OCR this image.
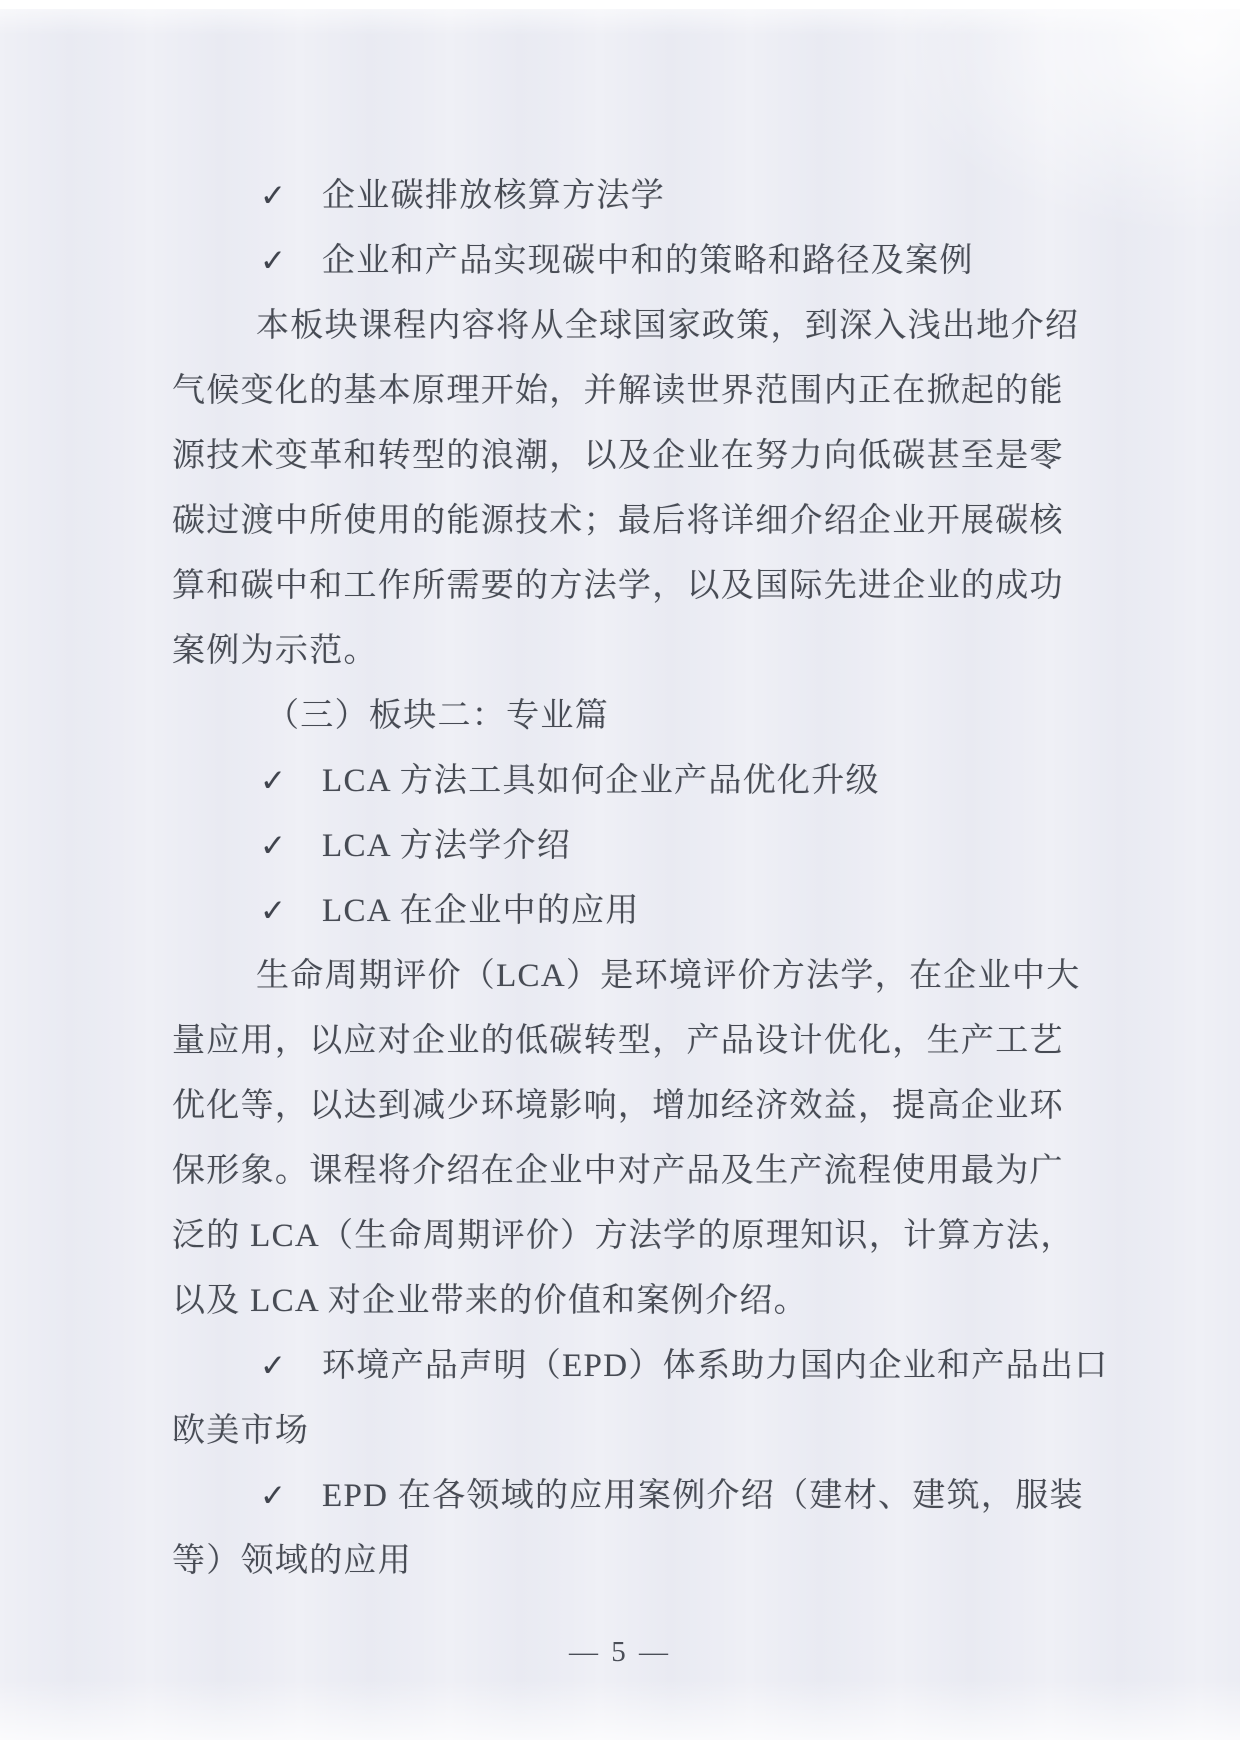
✓ 企业碳排放核算方法学
✓ 企业和产品实现碳中和的策略和路径及案例
本板块课程内容将从全球国家政策，到深入浅出地介绍
气候变化的基本原理开始，并解读世界范围内正在掀起的能
源技术变革和转型的浪潮，以及企业在努力向低碳甚至是零
碳过渡中所使用的能源技术；最后将详细介绍企业开展碳核
算和碳中和工作所需要的方法学，以及国际先进企业的成功
案例为示范。
（三）板块二：专业篇
✓ LCA 方法工具如何企业产品优化升级
✓ LCA 方法学介绍
✓ LCA 在企业中的应用
生命周期评价（LCA）是环境评价方法学，在企业中大
量应用，以应对企业的低碳转型，产品设计优化，生产工艺
优化等，以达到减少环境影响，增加经济效益，提高企业环
保形象。课程将介绍在企业中对产品及生产流程使用最为广
泛的 LCA（生命周期评价）方法学的原理知识，计算方法，
以及 LCA 对企业带来的价值和案例介绍。
✓ 环境产品声明（EPD）体系助力国内企业和产品出口
欧美市场
✓ EPD 在各领域的应用案例介绍（建材、建筑，服装
等）领域的应用
— 5 —
